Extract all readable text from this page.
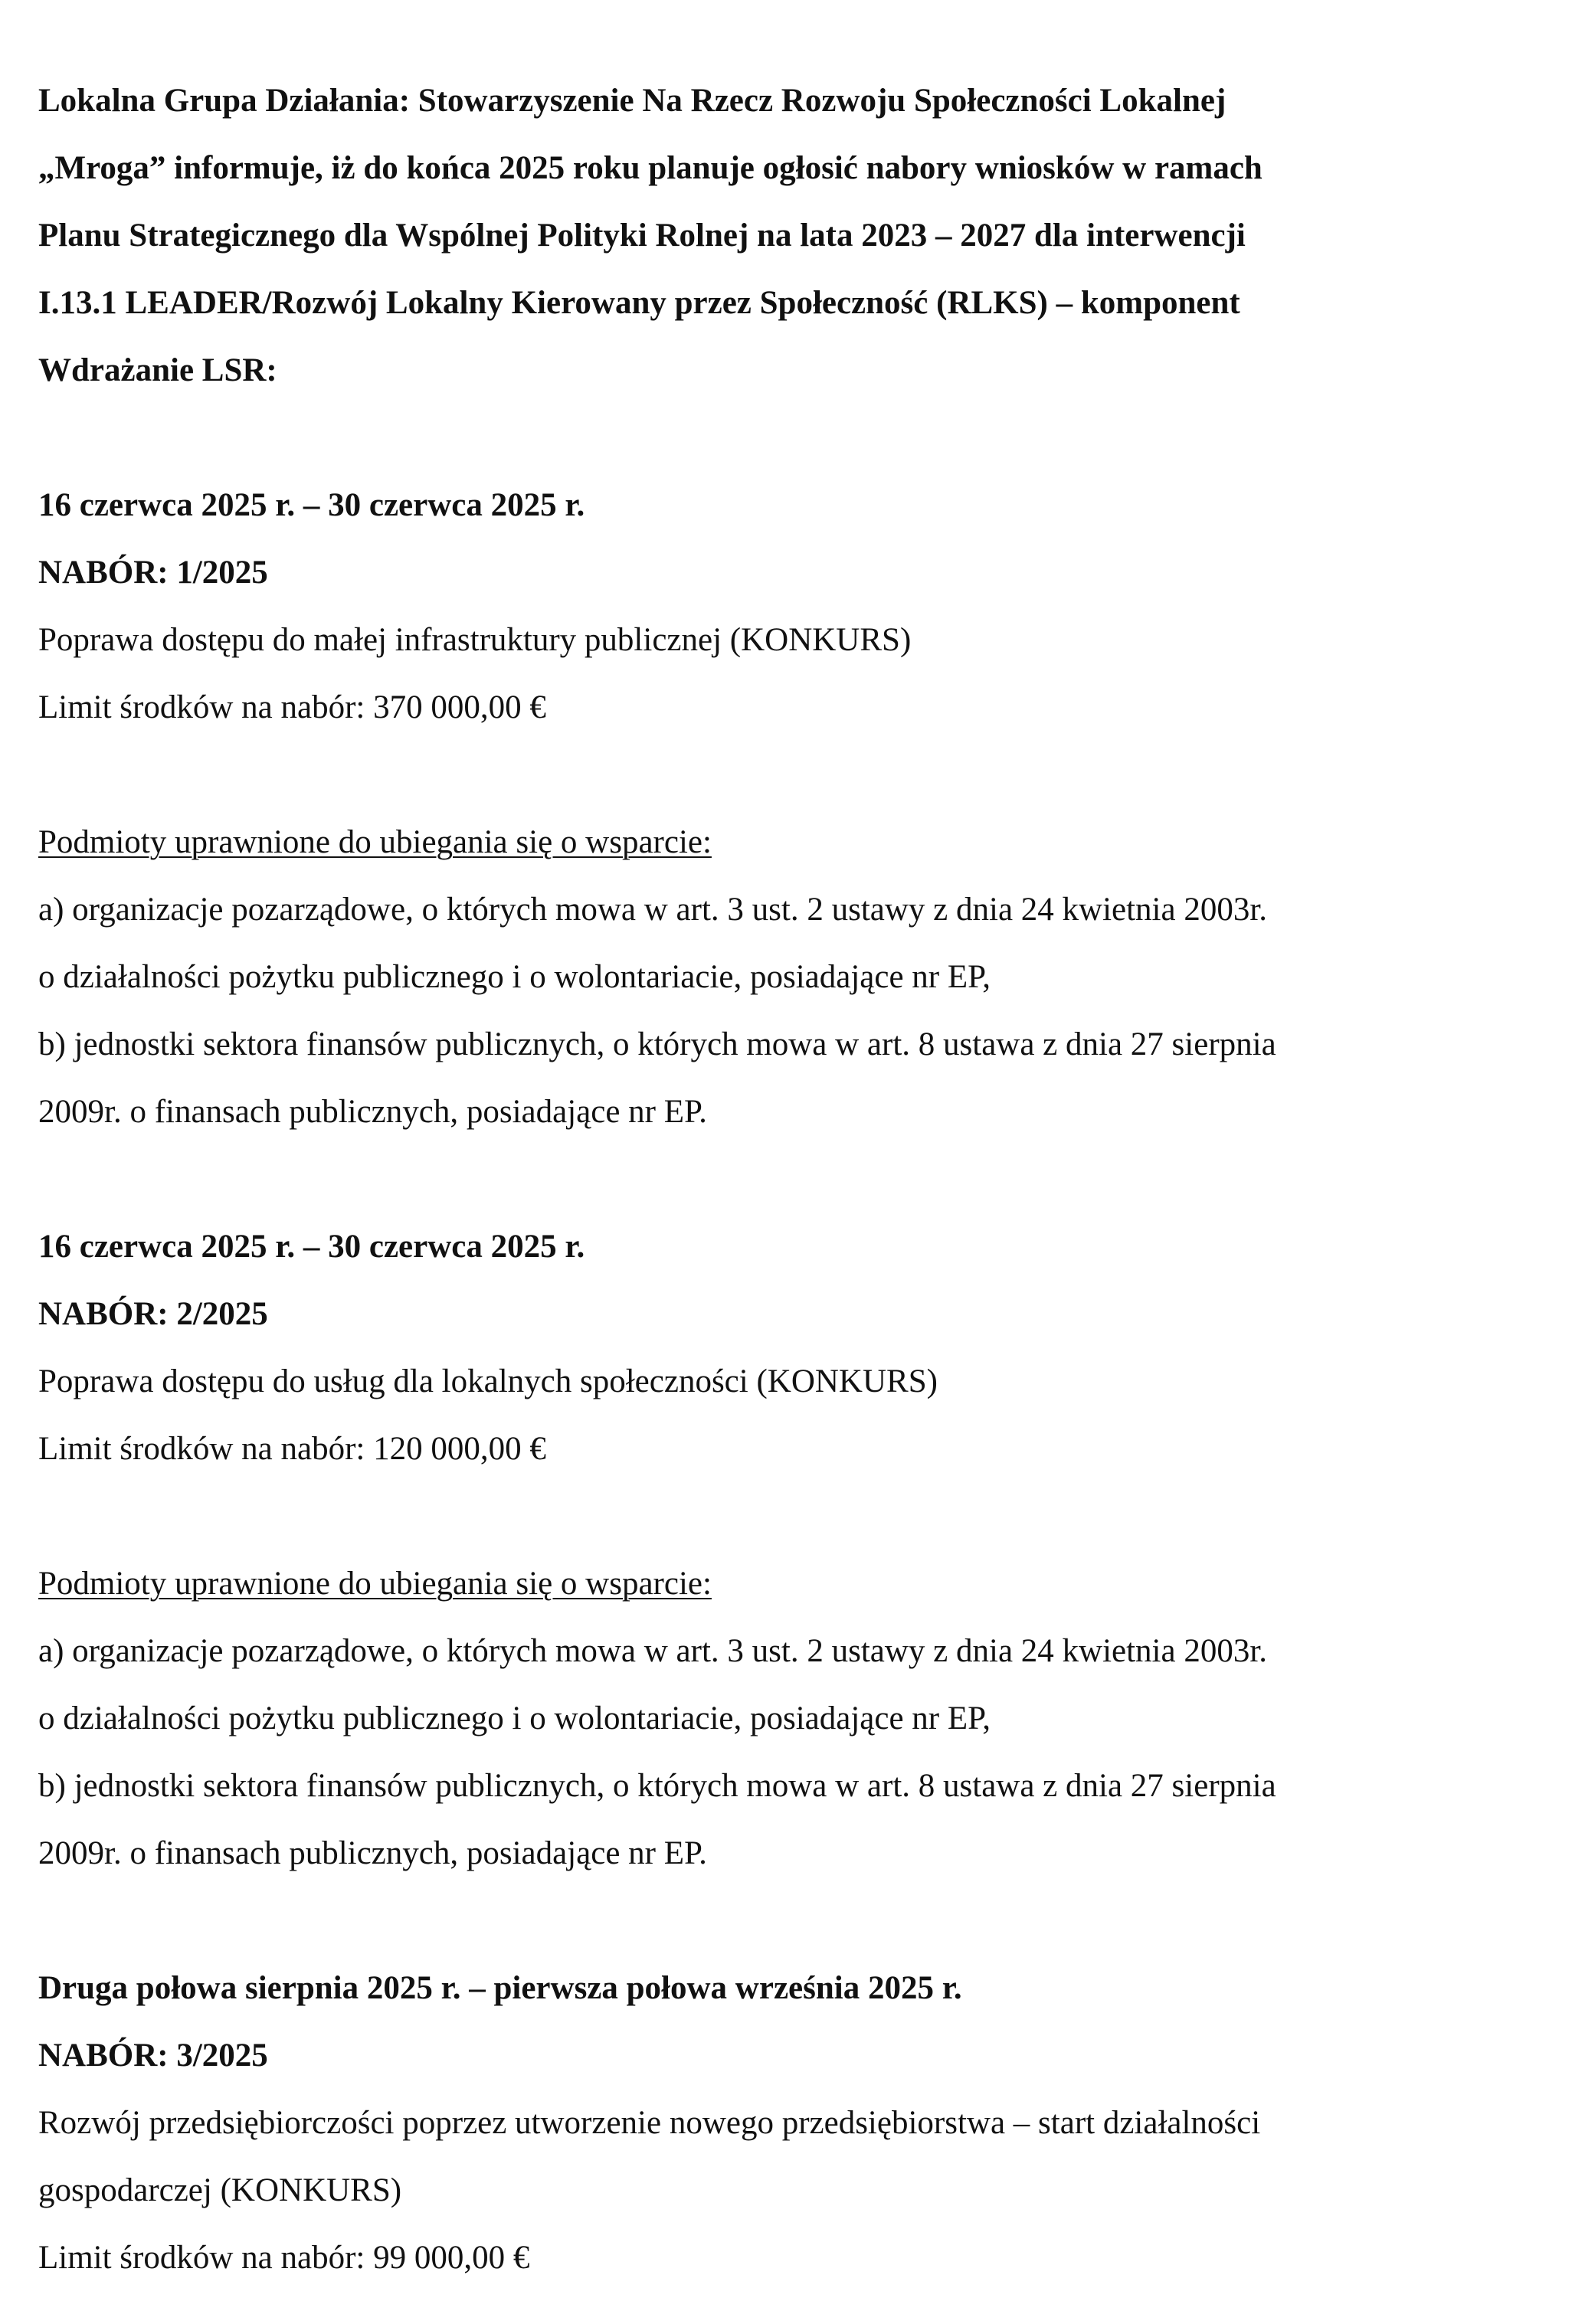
Lokalna Grupa Działania: Stowarzyszenie Na Rzecz Rozwoju Społeczności Lokalnej

„Mroga” informuje, iż do końca 2025 roku planuje ogłosić nabory wniosków w ramach

Planu Strategicznego dla Wspólnej Polityki Rolnej na lata 2023 – 2027 dla interwencji

I.13.1 LEADER/Rozwój Lokalny Kierowany przez Społeczność (RLKS) – komponent

Wdrażanie LSR:

16 czerwca 2025 r. – 30 czerwca 2025 r.

NABÓR: 1/2025

Poprawa dostępu do małej infrastruktury publicznej (KONKURS)

Limit środków na nabór: 370 000,00 €

Podmioty uprawnione do ubiegania się o wsparcie:

a) organizacje pozarządowe, o których mowa w art. 3 ust. 2 ustawy z dnia 24 kwietnia 2003r.

o działalności pożytku publicznego i o wolontariacie, posiadające nr EP,

b) jednostki sektora finansów publicznych, o których mowa w art. 8 ustawa z dnia 27 sierpnia

2009r. o finansach publicznych, posiadające nr EP.

16 czerwca 2025 r. – 30 czerwca 2025 r.

NABÓR: 2/2025

Poprawa dostępu do usług dla lokalnych społeczności (KONKURS)

Limit środków na nabór: 120 000,00 €

Podmioty uprawnione do ubiegania się o wsparcie:

a) organizacje pozarządowe, o których mowa w art. 3 ust. 2 ustawy z dnia 24 kwietnia 2003r.

o działalności pożytku publicznego i o wolontariacie, posiadające nr EP,

b) jednostki sektora finansów publicznych, o których mowa w art. 8 ustawa z dnia 27 sierpnia

2009r. o finansach publicznych, posiadające nr EP.

Druga połowa sierpnia 2025 r. – pierwsza połowa września 2025 r.

NABÓR: 3/2025

Rozwój przedsiębiorczości poprzez utworzenie nowego przedsiębiorstwa – start działalności

gospodarczej (KONKURS)

Limit środków na nabór: 99 000,00 €
